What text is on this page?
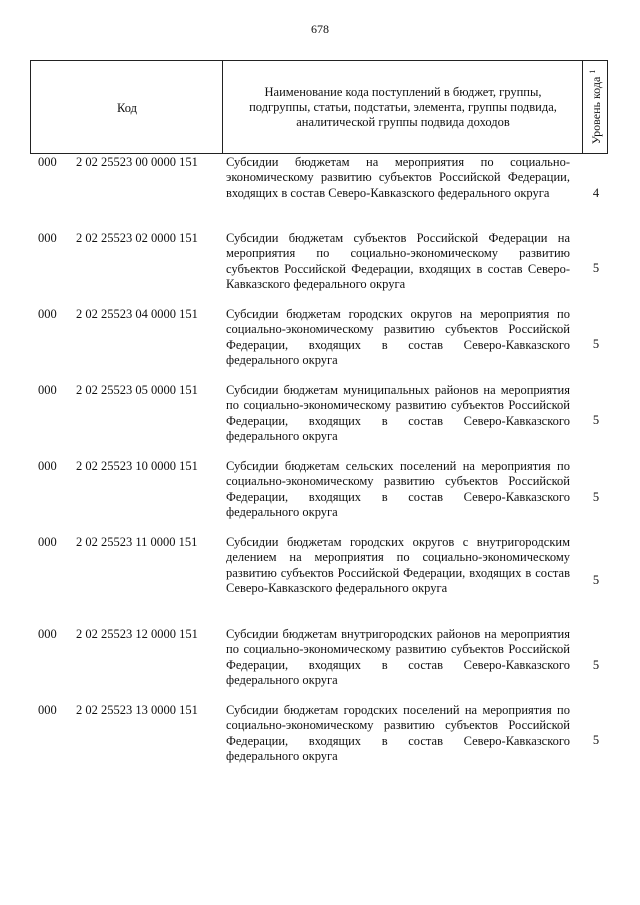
678
Код
Наименование кода поступлений в бюджет, группы, подгруппы, статьи, подстатьи, элемента, группы подвида, аналитической группы подвида доходов	Уровень кода $^1$
000 2 02 25523 00 0000 151 Субсидии бюджетам на мероприятия по социально-экономическому развитию субъектов Российской Федерации, входящих в состав Северо-Кавказского федерального округа	4
000 2 02 25523 02 0000 151 Субсидии бюджетам субъектов Российской Федерации на мероприятия по социально-экономическому развитию субъектов Российской Федерации, входящих в состав Северо-Кавказского федерального округа
5
000 2 02 25523 04 0000 151 Субсидии бюджетам городских округов на мероприятия по социально-экономическому развитию субъектов Российской Федерации, входящих в состав Северо-Кавказского федерального округа
5
000 2 02 25523 05 0000 151 Субсидии бюджетам муниципальных районов на мероприятия по социально-экономическому развитию субъектов Российской Федерации, входящих в состав Северо-Кавказского федерального округа
5
000 2 02 25523 10 0000 151 Субсидии бюджетам сельских поселений на мероприятия по социально-экономическому развитию субъектов Российской Федерации, входящих в состав Северо-Кавказского федерального округа
5
000 2 02 25523 11 0000 151 Субсидии бюджетам городских округов с внутригородским делением на мероприятия по социально-экономическому развитию субъектов Российской Федерации, входящих в состав Северо-Кавказского федерального округа
5
000 2 02 25523 12 0000 151 Субсидии бюджетам внутригородских районов на мероприятия по социально-экономическому развитию субъектов Российской Федерации, входящих в состав Северо-Кавказского федерального округа
5
000 2 02 25523 13 0000 151 Субсидии бюджетам городских поселений на мероприятия по социально-экономическому развитию субъектов Российской Федерации, входящих в состав Северо-Кавказского федерального округа
5
